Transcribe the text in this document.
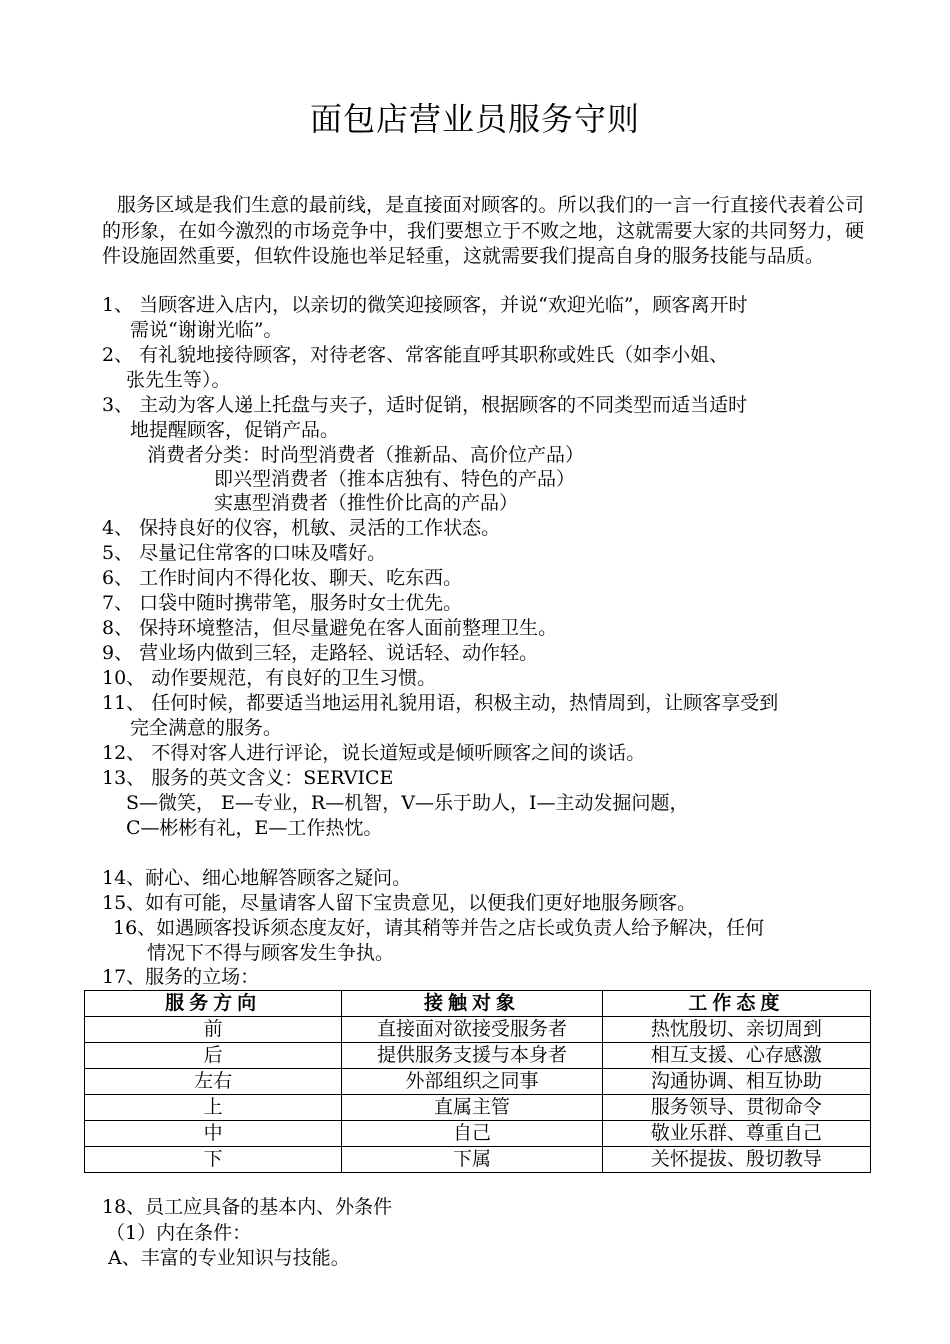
面包店营业员服务守则
服务区域是我们生意的最前线，是直接面对顾客的。所以我们的一言一行直接代表着公司的形象，在如今激烈的市场竞争中，我们要想立于不败之地，这就需要大家的共同努力，硬件设施固然重要，但软件设施也举足轻重，这就需要我们提高自身的服务技能与品质。
1、 当顾客进入店内，以亲切的微笑迎接顾客，并说“欢迎光临”，顾客离开时
需说“谢谢光临”。
2、 有礼貌地接待顾客，对待老客、常客能直呼其职称或姓氏（如李小姐、
张先生等）。
3、 主动为客人递上托盘与夹子，适时促销，根据顾客的不同类型而适当适时
地提醒顾客，促销产品。
消费者分类：时尚型消费者（推新品、高价位产品）
即兴型消费者（推本店独有、特色的产品）
实惠型消费者（推性价比高的产品）
4、 保持良好的仪容，机敏、灵活的工作状态。
5、 尽量记住常客的口味及嗜好。
6、 工作时间内不得化妆、聊天、吃东西。
7、 口袋中随时携带笔，服务时女士优先。
8、 保持环境整洁，但尽量避免在客人面前整理卫生。
9、 营业场内做到三轻，走路轻、说话轻、动作轻。
10、 动作要规范，有良好的卫生习惯。
11、 任何时候，都要适当地运用礼貌用语，积极主动，热情周到，让顾客享受到
完全满意的服务。
12、 不得对客人进行评论，说长道短或是倾听顾客之间的谈话。
13、 服务的英文含义：SERVICE
S—微笑， E—专业，R—机智，V—乐于助人，I—主动发掘问题，
C—彬彬有礼，E—工作热忱。
14、耐心、细心地解答顾客之疑问。
15、如有可能，尽量请客人留下宝贵意见，以便我们更好地服务顾客。
16、如遇顾客投诉须态度友好，请其稍等并告之店长或负责人给予解决，任何
情况下不得与顾客发生争执。
17、服务的立场：
服务方向	接触对象	工作态度
前	直接面对欲接受服务者	热忱殷切、亲切周到
后	提供服务支援与本身者	相互支援、心存感激
左右	外部组织之同事	沟通协调、相互协助
上	直属主管	服务领导、贯彻命令
中	自己	敬业乐群、尊重自己
下	下属	关怀提拔、殷切教导
18、员工应具备的基本内、外条件
（1）内在条件：
A、丰富的专业知识与技能。
